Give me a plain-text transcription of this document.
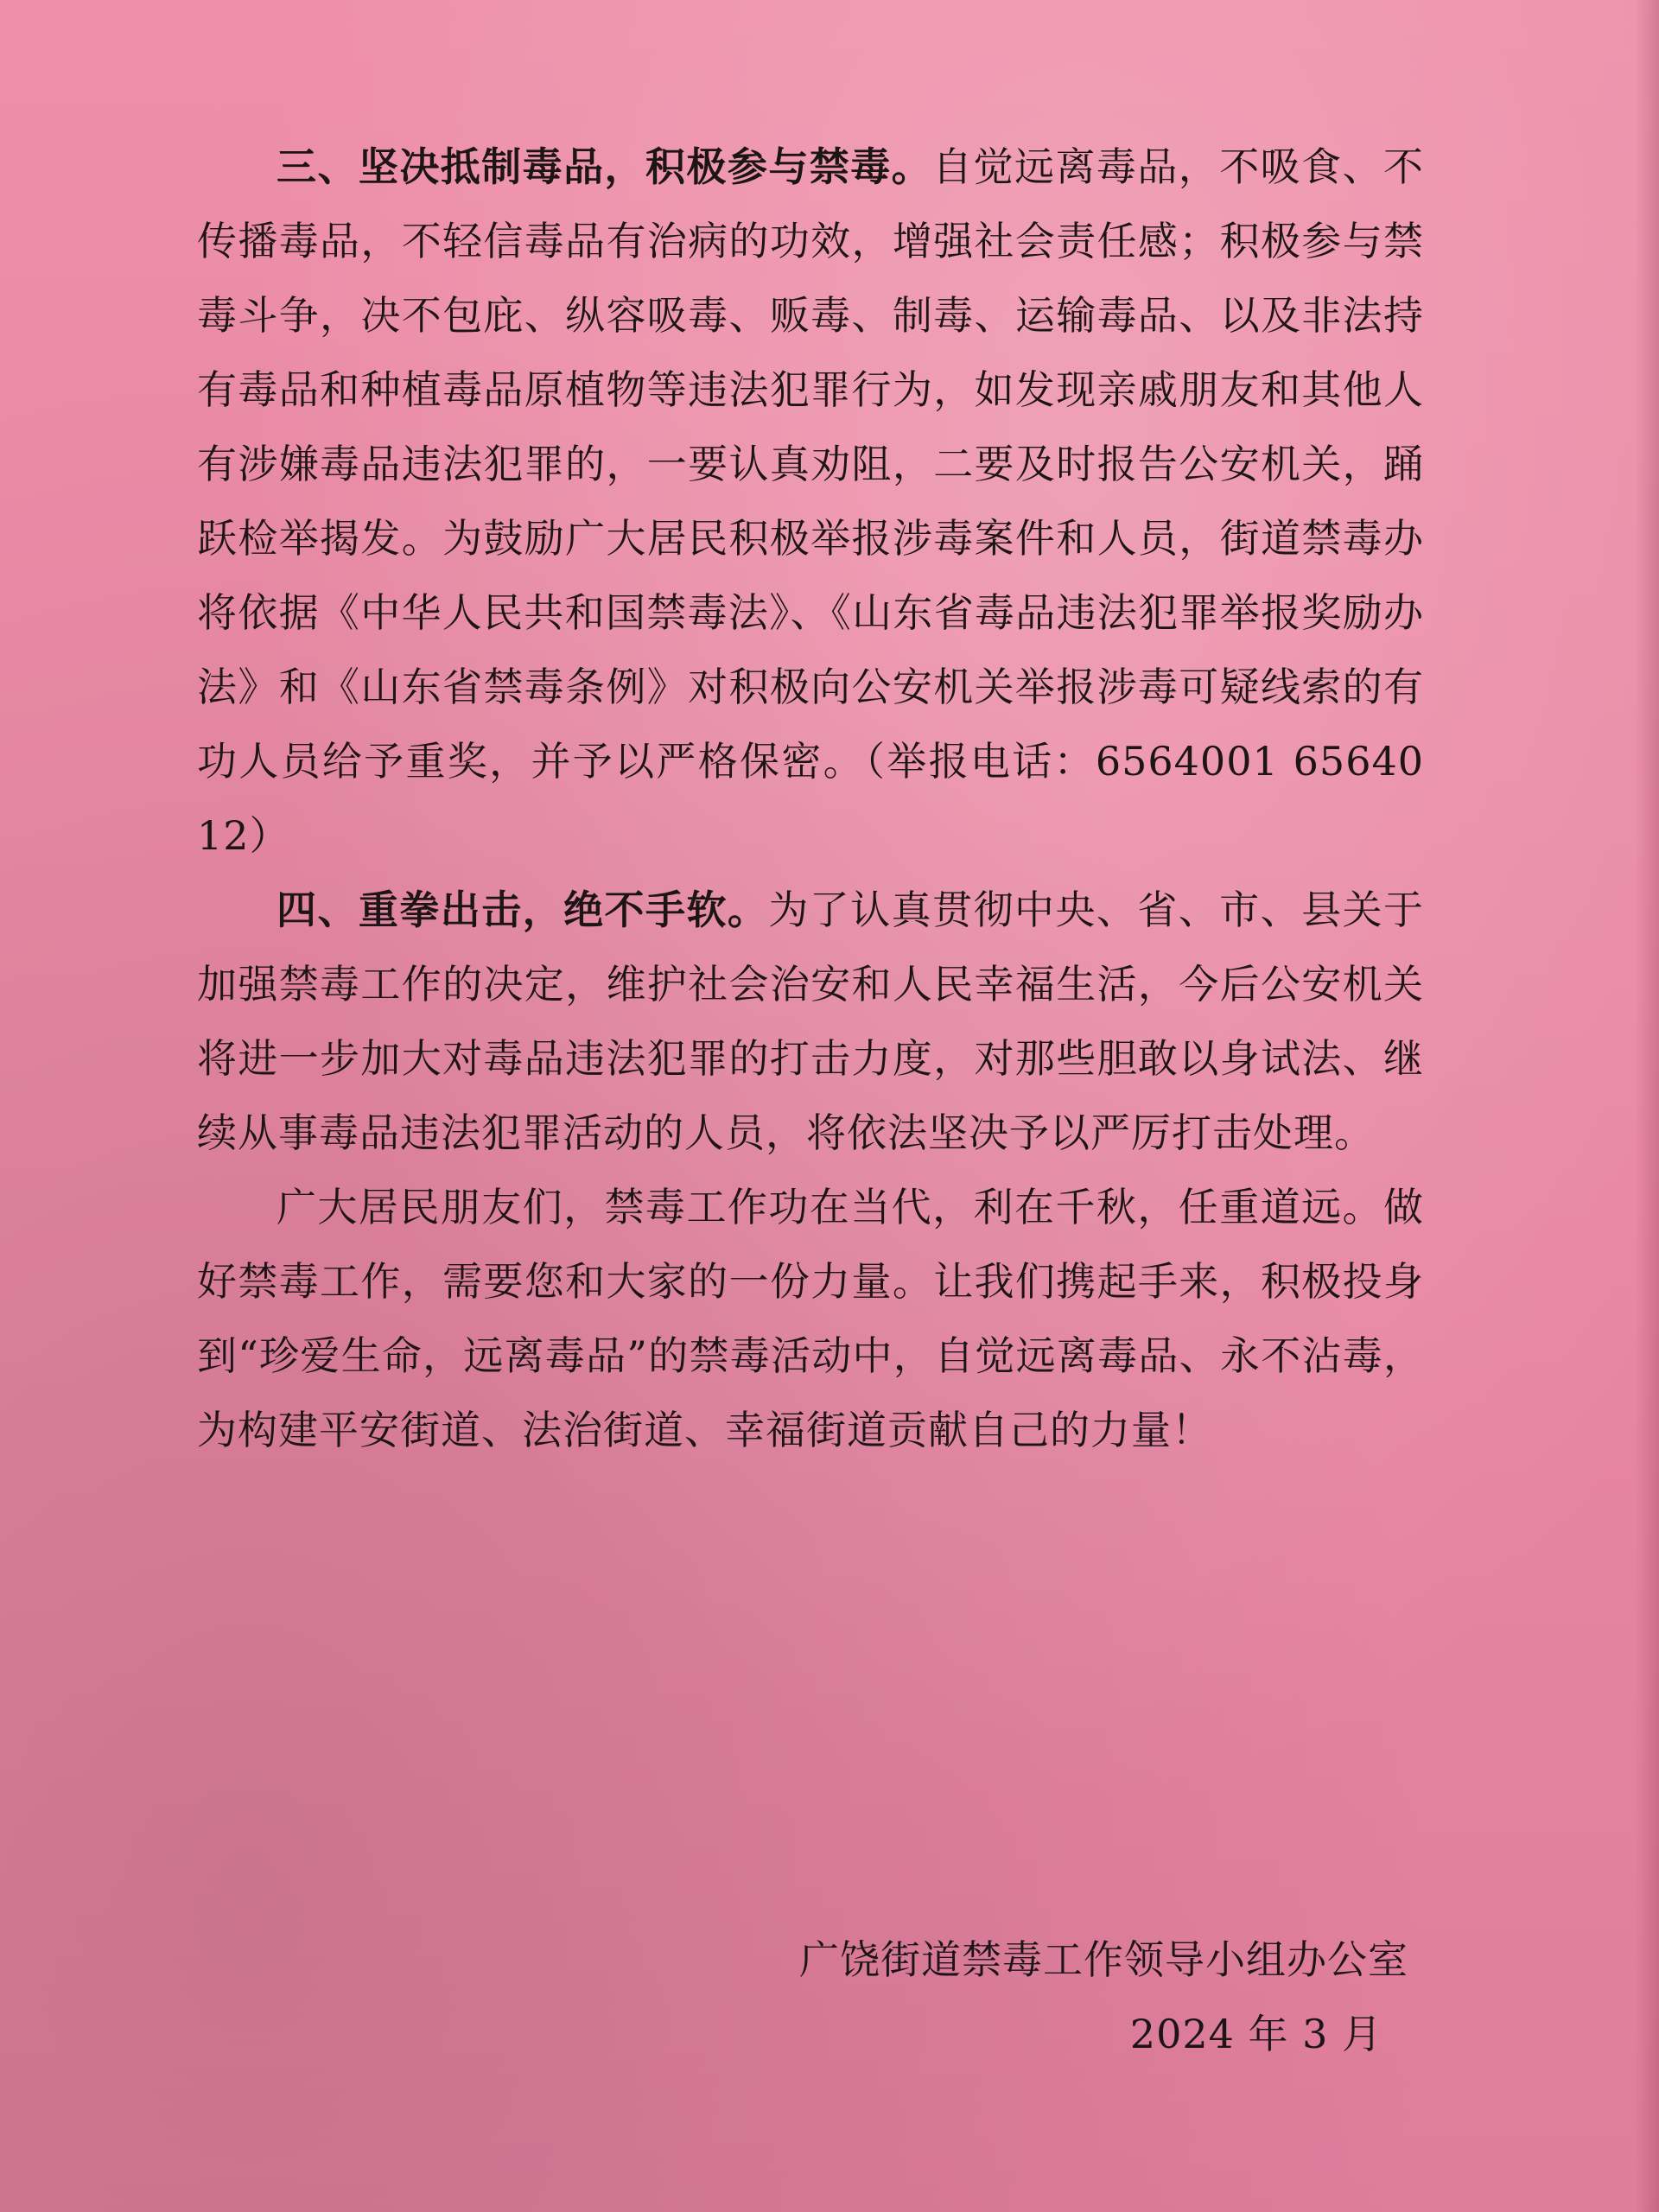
三、坚决抵制毒品，积极参与禁毒。自觉远离毒品，不吸食、不传播毒品，不轻信毒品有治病的功效，增强社会责任感；积极参与禁毒斗争，决不包庇、纵容吸毒、贩毒、制毒、运输毒品、以及非法持有毒品和种植毒品原植物等违法犯罪行为，如发现亲戚朋友和其他人有涉嫌毒品违法犯罪的，一要认真劝阻，二要及时报告公安机关，踊跃检举揭发。为鼓励广大居民积极举报涉毒案件和人员，街道禁毒办将依据《中华人民共和国禁毒法》、《山东省毒品违法犯罪举报奖励办法》和《山东省禁毒条例》对积极向公安机关举报涉毒可疑线索的有功人员给予重奖，并予以严格保密。（举报电话：6564001 6564012）

四、重拳出击，绝不手软。为了认真贯彻中央、省、市、县关于加强禁毒工作的决定，维护社会治安和人民幸福生活，今后公安机关将进一步加大对毒品违法犯罪的打击力度，对那些胆敢以身试法、继续从事毒品违法犯罪活动的人员，将依法坚决予以严厉打击处理。

广大居民朋友们，禁毒工作功在当代，利在千秋，任重道远。做好禁毒工作，需要您和大家的一份力量。让我们携起手来，积极投身到“珍爱生命，远离毒品”的禁毒活动中，自觉远离毒品、永不沾毒，为构建平安街道、法治街道、幸福街道贡献自己的力量！

广饶街道禁毒工作领导小组办公室
2024 年 3 月
